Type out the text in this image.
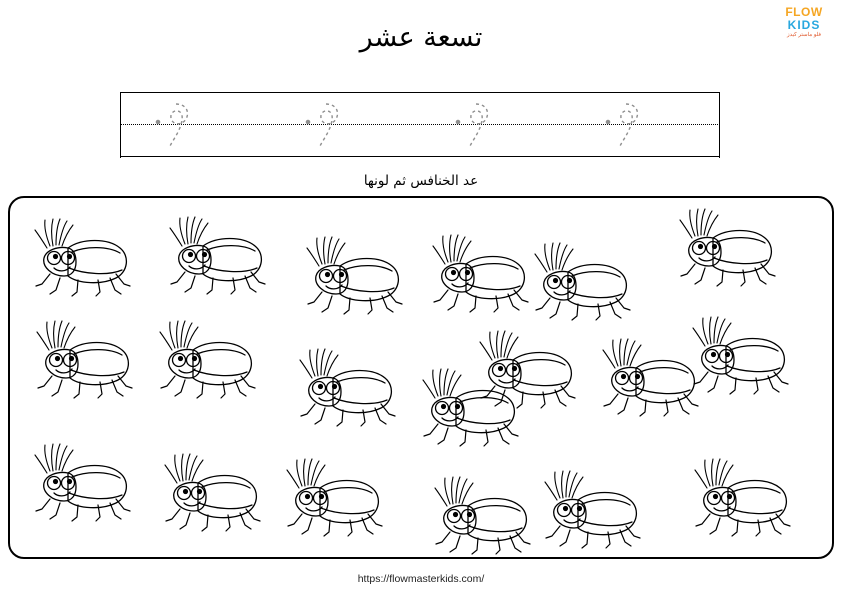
FLOW
KIDS
فلو ماستر كيدز
تسعة عشر
عد الخنافس ثم لونها
https://flowmasterkids.com/
